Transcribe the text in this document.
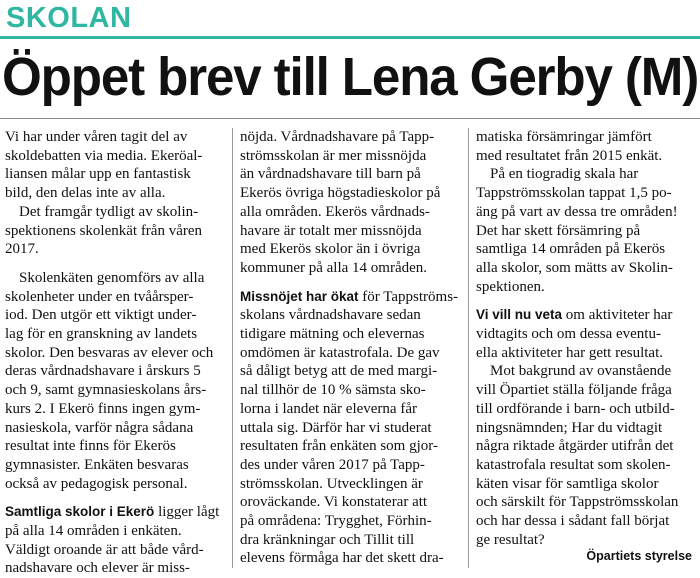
SKOLAN
Öppet brev till Lena Gerby (M)
Vi har under våren tagit del av
skoldebatten via media. Ekeröal-
liansen målar upp en fantastisk
bild, den delas inte av alla.
Det framgår tydligt av skolin-
spektionens skolenkät från våren
2017.
Skolenkäten genomförs av alla
skolenheter under en tvåårsper-
iod. Den utgör ett viktigt under-
lag för en granskning av landets
skolor. Den besvaras av elever och
deras vårdnadshavare i årskurs 5
och 9, samt gymnasieskolans års-
kurs 2. I Ekerö finns ingen gym-
nasieskola, varför några sådana
resultat inte finns för Ekerös
gymnasister. Enkäten besvaras
också av pedagogisk personal.
Samtliga skolor i Ekerö ligger lågt
på alla 14 områden i enkäten.
Väldigt oroande är att både vård-
nadshavare och elever är miss-
nöjda. Vårdnadshavare på Tapp-
strömsskolan är mer missnöjda
än vårdnadshavare till barn på
Ekerös övriga högstadieskolor på
alla områden. Ekerös vårdnads-
havare är totalt mer missnöjda
med Ekerös skolor än i övriga
kommuner på alla 14 områden.
Missnöjet har ökat för Tappströms-
skolans vårdnadshavare sedan
tidigare mätning och elevernas
omdömen är katastrofala. De gav
så dåligt betyg att de med margi-
nal tillhör de 10 % sämsta sko-
lorna i landet när eleverna får
uttala sig. Därför har vi studerat
resultaten från enkäten som gjor-
des under våren 2017 på Tapp-
strömsskolan. Utvecklingen är
oroväckande. Vi konstaterar att
på områdena: Trygghet, Förhin-
dra kränkningar och Tillit till
elevens förmåga har det skett dra-
matiska försämringar jämfört
med resultatet från 2015 enkät.
På en tiogradig skala har
Tappströmsskolan tappat 1,5 po-
äng på vart av dessa tre områden!
Det har skett försämring på
samtliga 14 områden på Ekerös
alla skolor, som mätts av Skolin-
spektionen.
Vi vill nu veta om aktiviteter har
vidtagits och om dessa eventu-
ella aktiviteter har gett resultat.
Mot bakgrund av ovanstående
vill Öpartiet ställa följande fråga
till ordförande i barn- och utbild-
ningsnämnden; Har du vidtagit
några riktade åtgärder utifrån det
katastrofala resultat som skolen-
käten visar för samtliga skolor
och särskilt för Tappströmsskolan
och har dessa i sådant fall börjat
ge resultat?
Öpartiets styrelse
